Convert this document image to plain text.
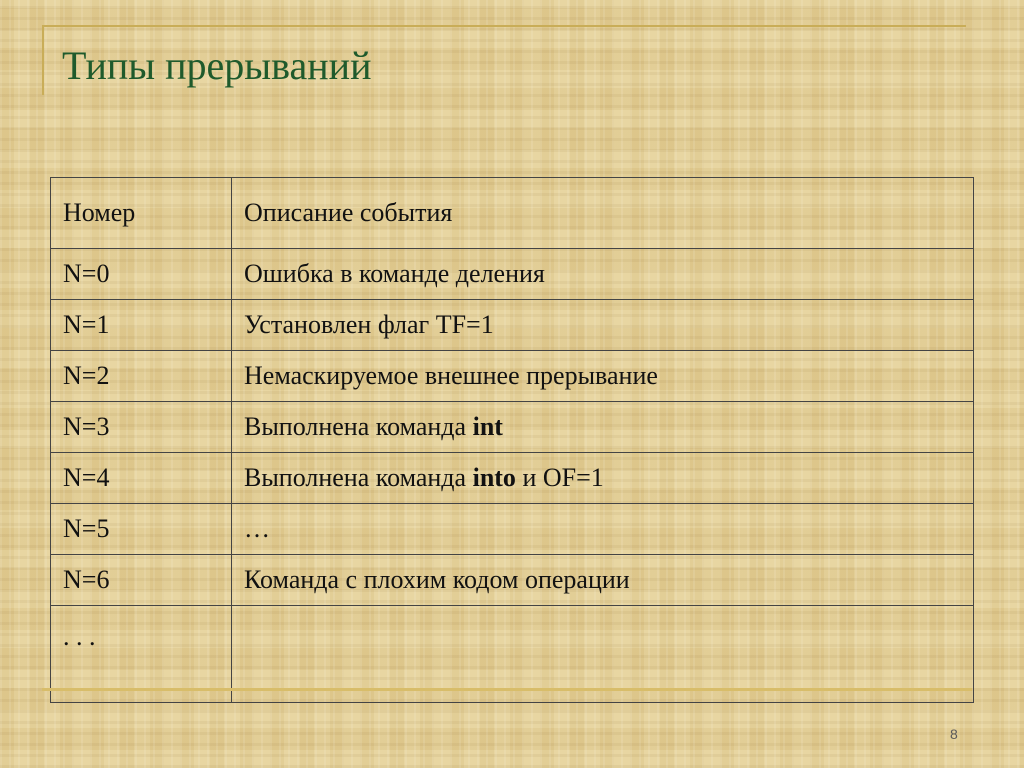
Типы прерываний
Номер	Описание события
N=0	Ошибка в команде деления
N=1	Установлен флаг TF=1
N=2	Немаскируемое внешнее прерывание
N=3	Выполнена команда int
N=4	Выполнена команда into и OF=1
N=5	…
N=6	Команда с плохим кодом операции
. . .	
8
